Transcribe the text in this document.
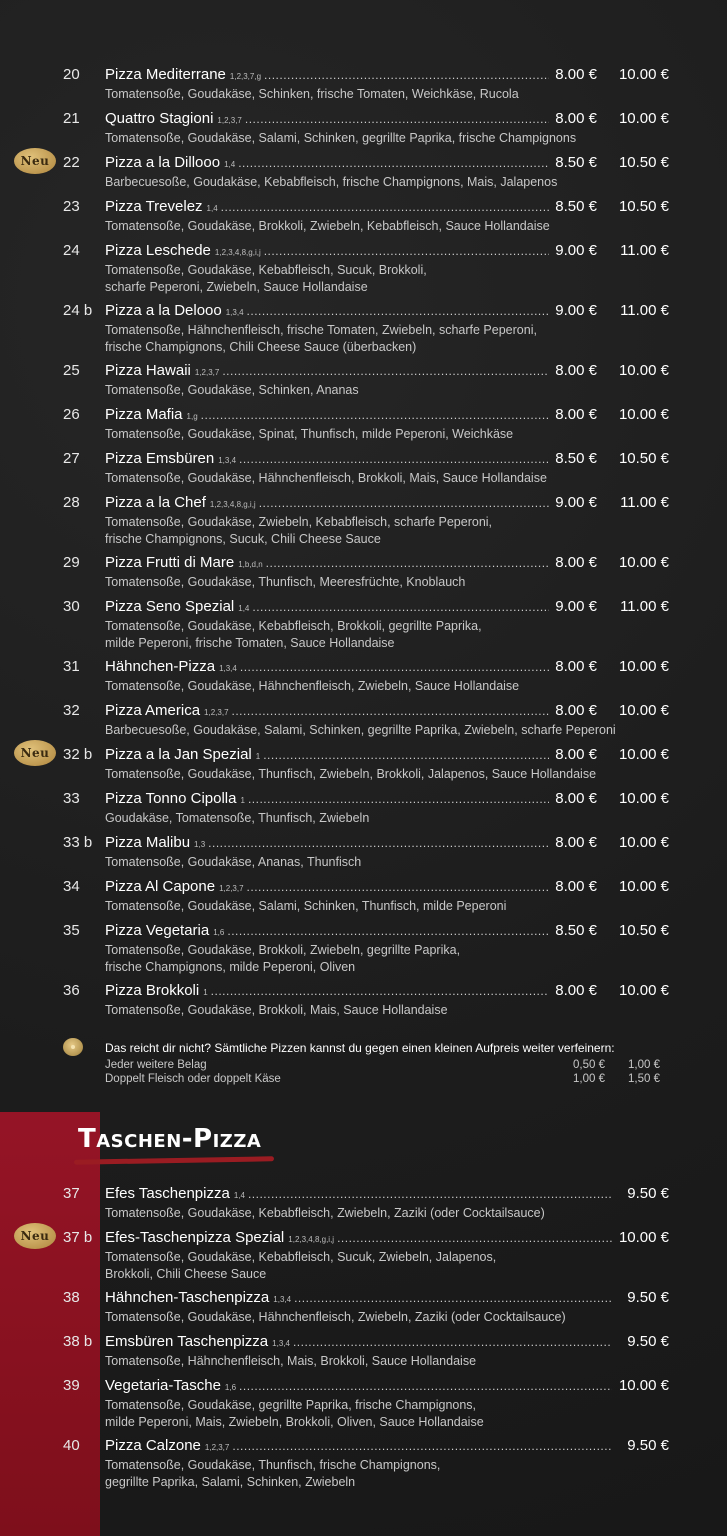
20 Pizza Mediterrane 1,2,3,7,g .....	8.00 €	10.00 €
Tomatensoße, Goudakäse, Schinken, frische Tomaten, Weichkäse, Rucola
21 Quattro Stagioni 1,2,3,7 .....	8.00 €	10.00 €
Tomatensoße, Goudakäse, Salami, Schinken, gegrillte Paprika, frische Champignons
Neu 22 Pizza a la Dillooo 1,4 .....	8.50 €	10.50 €
Barbecuesoße, Goudakäse, Kebabfleisch, frische Champignons, Mais, Jalapenos
23 Pizza Trevelez 1,4 .....	8.50 €	10.50 €
Tomatensoße, Goudakäse, Brokkoli, Zwiebeln, Kebabfleisch, Sauce Hollandaise
24 Pizza Leschede 1,2,3,4,8,g,i,j .....	9.00 €	11.00 €
Tomatensoße, Goudakäse, Kebabfleisch, Sucuk, Brokkoli,
scharfe Peperoni, Zwiebeln, Sauce Hollandaise
24 b Pizza a la Delooo 1,3,4 .....	9.00 €	11.00 €
Tomatensoße, Hähnchenfleisch, frische Tomaten, Zwiebeln, scharfe Peperoni,
frische Champignons, Chili Cheese Sauce (überbacken)
25 Pizza Hawaii 1,2,3,7 .....	8.00 €	10.00 €
Tomatensoße, Goudakäse, Schinken, Ananas
26 Pizza Mafia 1,g .....	8.00 €	10.00 €
Tomatensoße, Goudakäse, Spinat, Thunfisch, milde Peperoni, Weichkäse
27 Pizza Emsbüren 1,3,4 .....	8.50 €	10.50 €
Tomatensoße, Goudakäse, Hähnchenfleisch, Brokkoli, Mais, Sauce Hollandaise
28 Pizza a la Chef 1,2,3,4,8,g,i,j .....	9.00 €	11.00 €
Tomatensoße, Goudakäse, Zwiebeln, Kebabfleisch, scharfe Peperoni,
frische Champignons, Sucuk, Chili Cheese Sauce
29 Pizza Frutti di Mare 1,b,d,n .....	8.00 €	10.00 €
Tomatensoße, Goudakäse, Thunfisch, Meeresfrüchte, Knoblauch
30 Pizza Seno Spezial 1,4 .....	9.00 €	11.00 €
Tomatensoße, Goudakäse, Kebabfleisch, Brokkoli, gegrillte Paprika,
milde Peperoni, frische Tomaten, Sauce Hollandaise
31 Hähnchen-Pizza 1,3,4 .....	8.00 €	10.00 €
Tomatensoße, Goudakäse, Hähnchenfleisch, Zwiebeln, Sauce Hollandaise
32 Pizza America 1,2,3,7 .....	8.00 €	10.00 €
Barbecuesoße, Goudakäse, Salami, Schinken, gegrillte Paprika, Zwiebeln, scharfe Peperoni
Neu 32 b Pizza a la Jan Spezial 1 .....	8.00 €	10.00 €
Tomatensoße, Goudakäse, Thunfisch, Zwiebeln, Brokkoli, Jalapenos, Sauce Hollandaise
33 Pizza Tonno Cipolla 1 .....	8.00 €	10.00 €
Goudakäse, Tomatensoße, Thunfisch, Zwiebeln
33 b Pizza Malibu 1,3 .....	8.00 €	10.00 €
Tomatensoße, Goudakäse, Ananas, Thunfisch
34 Pizza Al Capone 1,2,3,7 .....	8.00 €	10.00 €
Tomatensoße, Goudakäse, Salami, Schinken, Thunfisch, milde Peperoni
35 Pizza Vegetaria 1,6 .....	8.50 €	10.50 €
Tomatensoße, Goudakäse, Brokkoli, Zwiebeln, gegrillte Paprika,
frische Champignons, milde Peperoni, Oliven
36 Pizza Brokkoli 1 .....	8.00 €	10.00 €
Tomatensoße, Goudakäse, Brokkoli, Mais, Sauce Hollandaise
Das reicht dir nicht? Sämtliche Pizzen kannst du gegen einen kleinen Aufpreis weiter verfeinern:
Jeder weitere Belag	0,50 €	1,00 €
Doppelt Fleisch oder doppelt Käse	1,00 €	1,50 €
Taschen-Pizza
37 Efes Taschenpizza 1,4 .....	9.50 €
Tomatensoße, Goudakäse, Kebabfleisch, Zwiebeln, Zaziki (oder Cocktailsauce)
Neu 37 b Efes-Taschenpizza Spezial 1,2,3,4,8,g,i,j .....	10.00 €
Tomatensoße, Goudakäse, Kebabfleisch, Sucuk, Zwiebeln, Jalapenos,
Brokkoli, Chili Cheese Sauce
38 Hähnchen-Taschenpizza 1,3,4 .....	9.50 €
Tomatensoße, Goudakäse, Hähnchenfleisch, Zwiebeln, Zaziki (oder Cocktailsauce)
38 b Emsbüren Taschenpizza 1,3,4 .....	9.50 €
Tomatensoße, Hähnchenfleisch, Mais, Brokkoli, Sauce Hollandaise
39 Vegetaria-Tasche 1,6 .....	10.00 €
Tomatensoße, Goudakäse, gegrillte Paprika, frische Champignons,
milde Peperoni, Mais, Zwiebeln, Brokkoli, Oliven, Sauce Hollandaise
40 Pizza Calzone 1,2,3,7 .....	9.50 €
Tomatensoße, Goudakäse, Thunfisch, frische Champignons,
gegrillte Paprika, Salami, Schinken, Zwiebeln
